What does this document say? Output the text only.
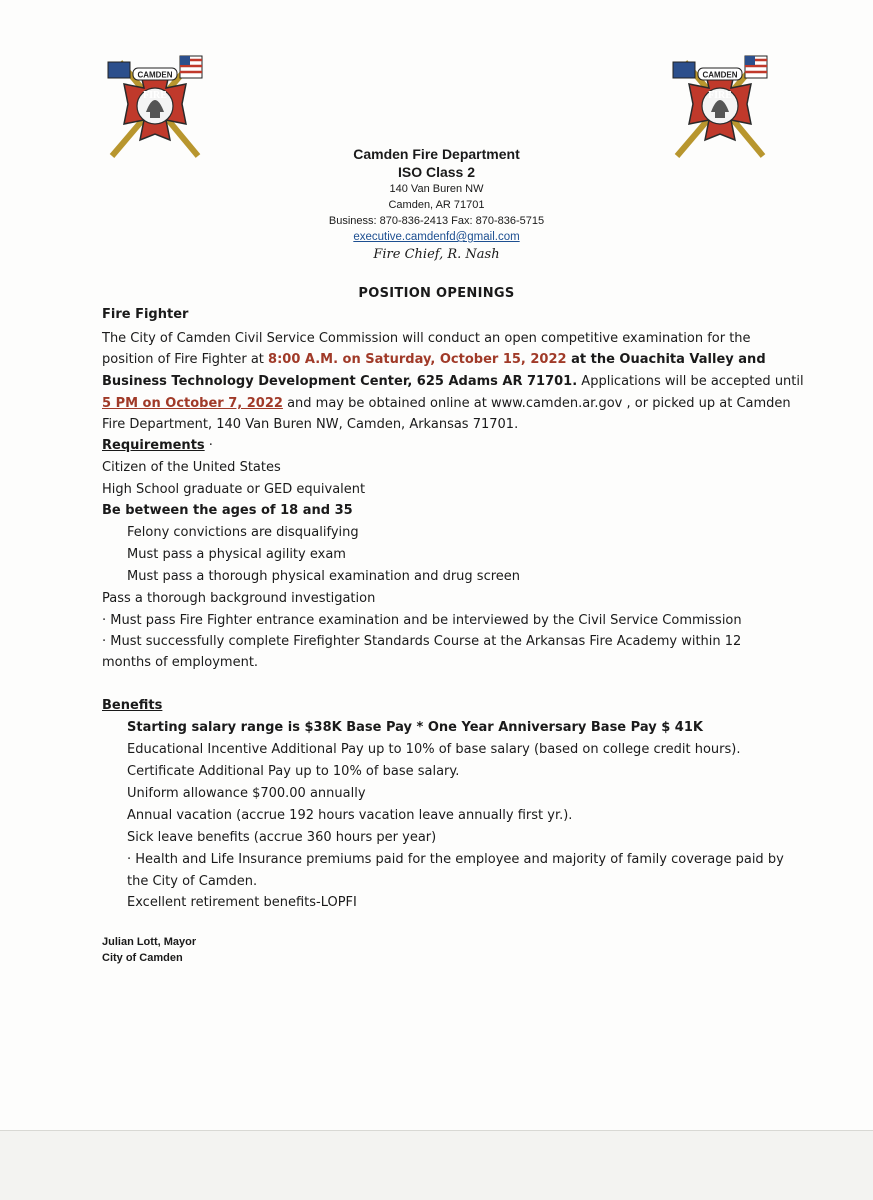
CAMDEN
FIRE
CAMDEN
FIRE
Camden Fire Department
ISO Class 2
140 Van Buren NW
Camden, AR 71701
Business: 870-836-2413 Fax: 870-836-5715
executive.camdenfd@gmail.com
Fire Chief, R. Nash
POSITION OPENINGS
Fire Fighter
The City of Camden Civil Service Commission will conduct an open competitive examination for the
position of Fire Fighter at 8:00 A.M. on Saturday, October 15, 2022 at the Ouachita Valley and
Business Technology Development Center, 625 Adams AR 71701. Applications will be accepted until
5 PM on October 7, 2022 and may be obtained online at www.camden.ar.gov , or picked up at Camden
Fire Department, 140 Van Buren NW, Camden, Arkansas 71701.
Requirements ·
Citizen of the United States
High School graduate or GED equivalent
Be between the ages of 18 and 35
Felony convictions are disqualifying
Must pass a physical agility exam
Must pass a thorough physical examination and drug screen
Pass a thorough background investigation
· Must pass Fire Fighter entrance examination and be interviewed by the Civil Service Commission
· Must successfully complete Firefighter Standards Course at the Arkansas Fire Academy within 12
months of employment.
Benefits
Starting salary range is $38K Base Pay * One Year Anniversary Base Pay $ 41K
Educational Incentive Additional Pay up to 10% of base salary (based on college credit hours).
Certificate Additional Pay up to 10% of base salary.
Uniform allowance $700.00 annually
Annual vacation (accrue 192 hours vacation leave annually first yr.).
Sick leave benefits (accrue 360 hours per year)
· Health and Life Insurance premiums paid for the employee and majority of family coverage paid by
the City of Camden.
Excellent retirement benefits-LOPFI
Julian Lott, Mayor
City of Camden
